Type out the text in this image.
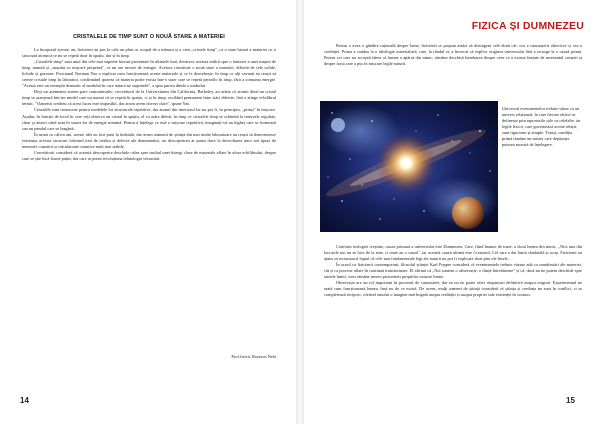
CRISTALELE DE TIMP SUNT O NOUĂ STARE A MATERIEI

La începutul acestui an, fizicienii au pus la cale un plan cu scopul de a măsura și a crea „cristale timp", ca o stare bizară a materiei cu o structură atomică ce nu se repetă doar în spațiu, dar și în timp.

„Cristalele timp" sunt unul din cele mai superbe lucruri prezentate în ultimele luni, deoarece aceasta indică spre o fantezie a unei mașini de timp, numită și „mașină cu mișcare perpetuă", ce nu are nevoie de energie. Acestea constituie o nouă stare a materiei, diferită de cele solide, lichide și gazoase. Fizicianul Norman Yao a explicat cum funcționează aceste materiale și ce le deosebește, în timp ce alți savanți au reușit să creeze cristale timp în laborator, confirmând ipoteza că materia poate exista într-o stare care se repetă periodic în timp, fără a consuma energie. "Acesta este un exemplu dramatic al modului în care natura ne surprinde", a spus partea dintâi a studiului.

Deși un asemenea sistem pare contraintuitiv, cercetătorii de la Universitatea din California, Berkeley, au arătat că atomii dintr-un cristal timp se aranjează într-un model care nu numai că se repetă în spațiu, ci și în timp, oscilând permanent între stări diferite, fără a atinge echilibrul termic. "Oamenii credeau că acest lucru este imposibil, dar acum avem dovezi clare", spune Yao.

Cristalele sunt cunoscute pentru modelele lor structurale repetitive, dar atomii din interiorul lor nu pot fi, în principiu, „prinși" în mișcare. Așadar, în funcție de locul în care veți observa un cristal în spațiu, el va arăta diferit, în timp ce cristalele timp se schimbă la intervale regulate, chiar și atunci când sunt în starea lor de energie minimă. Pentru a înțelege ce este o mișcare repetitivă, imaginați-vă un îngheț care se formează sau un pendul care se leagănă.

În urmă cu câțiva ani, aceste idei au fost puse la îndoială, dar acum oamenii de știință din mai multe laboratoare au reușit să demonstreze existența acestor structuri folosind ioni de iterbiu și defecte ale diamantului, iar descoperirea ar putea duce la dezvoltarea unor noi tipuri de memorie cuantică și calculatoare cuantice mult mai stabile.

Cercetătorii consideră că această descoperire deschide calea spre studiul unei întregi clase de materiale aflate în afara echilibrului, despre care se știe încă foarte puțin, dar care ar putea revoluționa tehnologia viitorului.

Prof.fizică, Roșescu Nela
14
FIZICA ȘI DUMNEZEU

Pentru a avea o gândire rațională despre lume, fizicienii se propun astăzi să distingem cele două căi: cea a cunoașterii obiective și cea a credinței. Prima a condus la o ideologie materialistă, care, la rândul ei, a încercat să explice originea universului fără a recurge la o cauză primă. Pentru cei care nu acceptă ideea că lumea a apărut din nimic, rămâne deschisă întrebarea despre ceea ce a existat înainte de momentul creației și despre forța care a pus în mișcare legile naturii.

Universul evenimentelor trebuie văzut ca un univers relațional, în care fiecare obiect se definește prin raporturile sale cu celelalte, iar legile fizicii, care guvernează aceste relații, sunt riguroase și simple. Totuși, condiția primă rămâne un mister care depășește puterea noastră de înțelegere.

Conform teologiei creștine, cauza primară a universului este Dumnezeu, Care, fiind înainte de toate, a făcut lumea din nimic. „Nici una din lucrurile noi nu se face de la sine, ci toate au o cauză", iar această cauză ultimă este Creatorul, Cel care a dat lumii rânduială și scop. Fizicienii au ajuns să recunoască faptul că cele mai fundamentale legi ale naturii nu pot fi explicate doar prin ele însele.

În acord cu fizicienii contemporani, filosoful științei Karl Popper consideră că evenimentele trebuie văzute atât ca manifestări ale materiei, cât și ca procese aflate în continuă transformare. El afirmă că „Noi suntem o observație, o ființă întrebătoare" și că, dacă nu ne putem deschide spre tainele lumii, vom rămâne mereu prizonierii propriilor noastre limite.

Observația are un rol important în procesul de cunoaștere, dar ea nu ne poate oferi răspunsuri definitive asupra originii. Experimentul ne arată cum funcționează lumea, însă nu de ce există. De aceea, mulți oameni de știință consideră că știința și credința nu sunt în conflict, ci se completează reciproc, oferind omului o imagine mai bogată asupra realității și asupra propriei sale existențe în cosmos.

15
